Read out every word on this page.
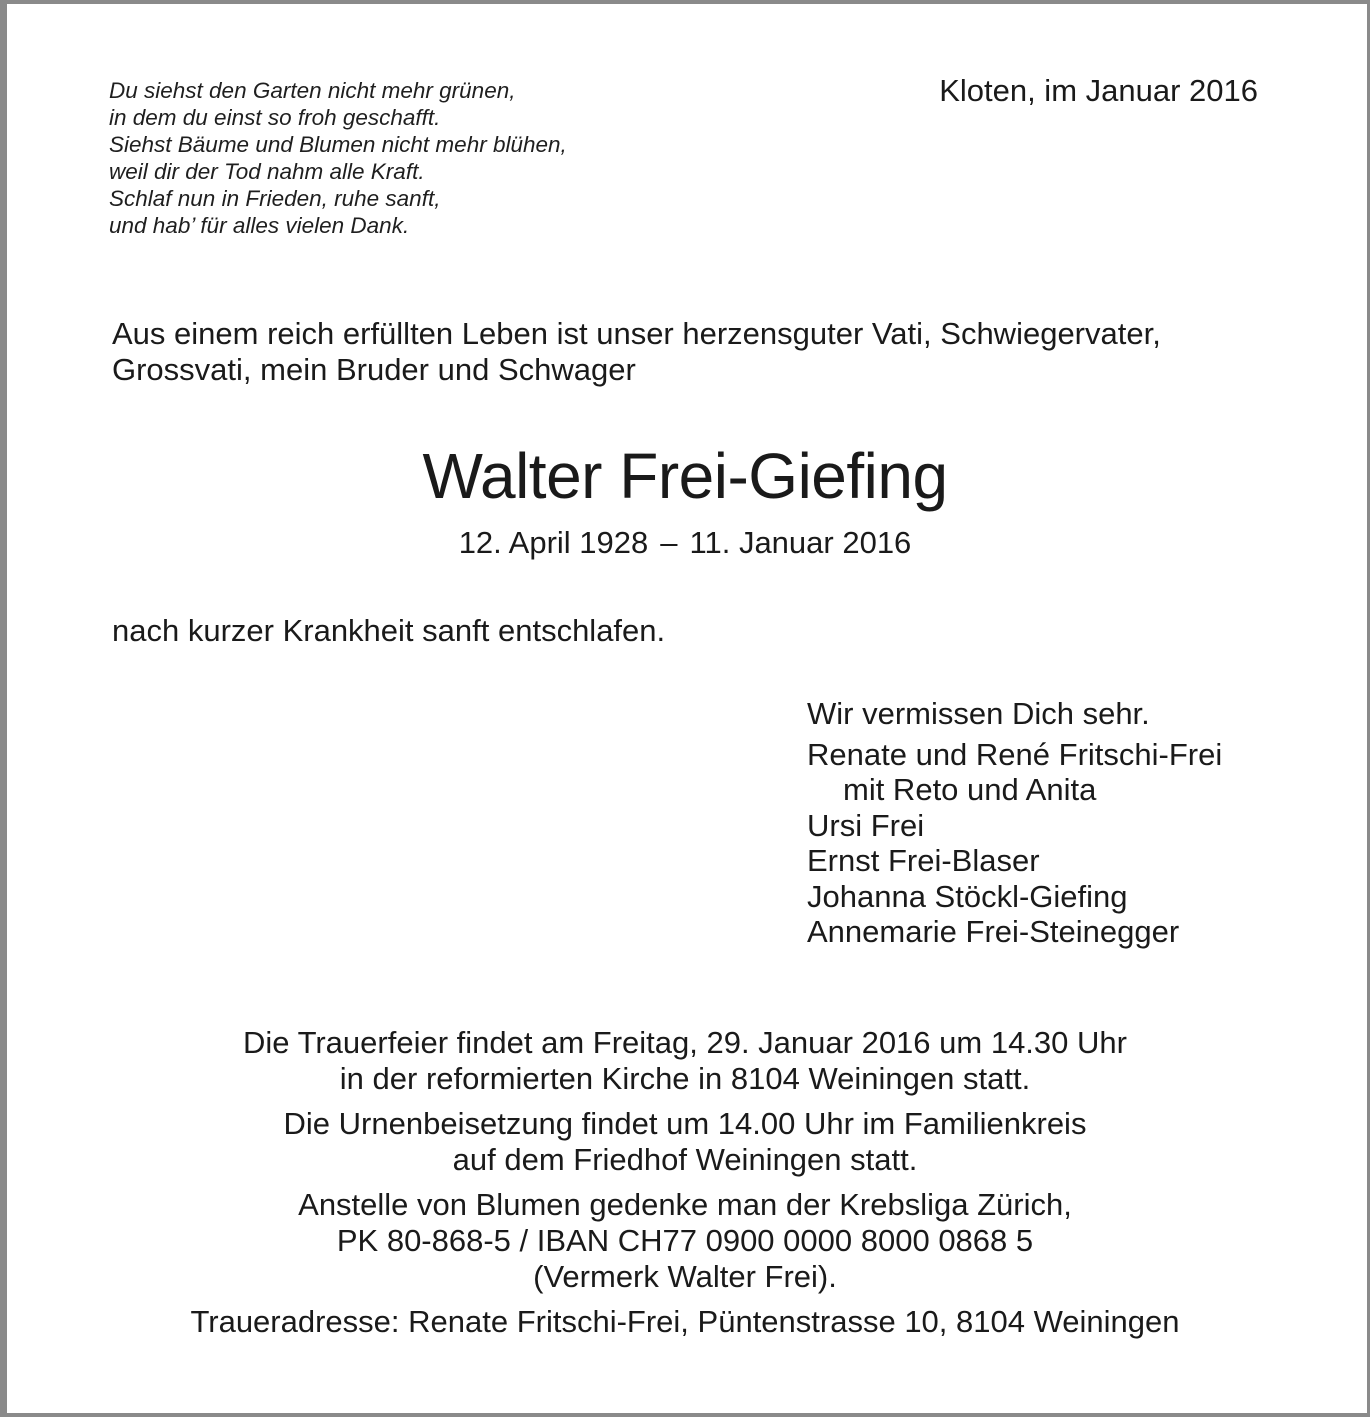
Du siehst den Garten nicht mehr grünen,
in dem du einst so froh geschafft.
Siehst Bäume und Blumen nicht mehr blühen,
weil dir der Tod nahm alle Kraft.
Schlaf nun in Frieden, ruhe sanft,
und hab’ für alles vielen Dank.
Kloten, im Januar 2016
Aus einem reich erfüllten Leben ist unser herzensguter Vati, Schwiegervater,
Grossvati, mein Bruder und Schwager
Walter Frei-Giefing
12. April 1928 – 11. Januar 2016
nach kurzer Krankheit sanft entschlafen.
Wir vermissen Dich sehr.
Renate und René Fritschi-Frei
mit Reto und Anita
Ursi Frei
Ernst Frei-Blaser
Johanna Stöckl-Giefing
Annemarie Frei-Steinegger
Die Trauerfeier findet am Freitag, 29. Januar 2016 um 14.30 Uhr
in der reformierten Kirche in 8104 Weiningen statt.
Die Urnenbeisetzung findet um 14.00 Uhr im Familienkreis
auf dem Friedhof Weiningen statt.
Anstelle von Blumen gedenke man der Krebsliga Zürich,
PK 80-868-5 / IBAN CH77 0900 0000 8000 0868 5
(Vermerk Walter Frei).
Traueradresse: Renate Fritschi-Frei, Püntenstrasse 10, 8104 Weiningen
